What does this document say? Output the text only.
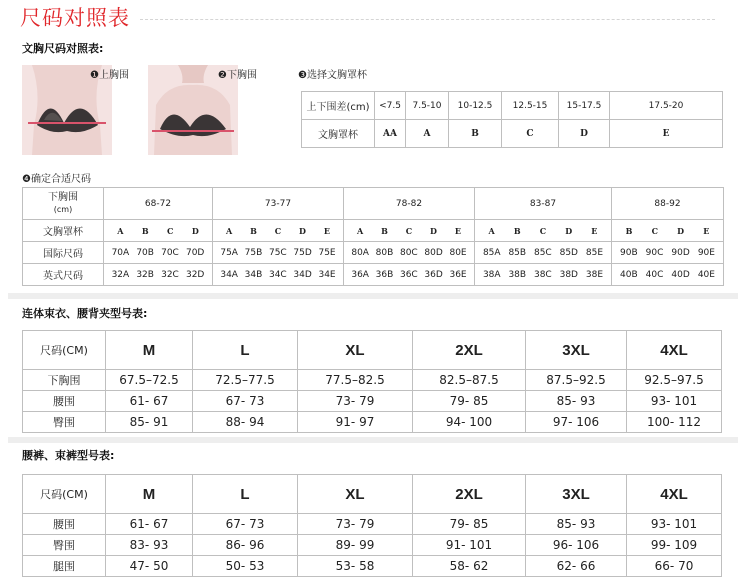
尺码对照表
文胸尺码对照表:
❶上胸围	❷下胸围	❸选择文胸罩杯
上下围差(cm)	<7.5	7.5-10	10-12.5	12.5-15	15-17.5	17.5-20
文胸罩杯	AA	A	B	C	D	E
❹确定合适尺码
下胸围
(cm)	68-72	73-77	78-82	83-87	88-92
文胸罩杯	A B C D	A B C D E	A B C D E	A B C D E	B C D E

国际尺码	70A 70B 70C 70D	75A 75B 75C 75D 75E	80A 80B 80C 80D 80E	85A 85B 85C 85D 85E	90B 90C 90D 90E

英式尺码	32A 32B 32C 32D	34A 34B 34C 34D 34E	36A 36B 36C 36D 36E	38A 38B 38C 38D 38E	40B 40C 40D 40E
连体束衣、腰背夹型号表:
尺码(CM)	M	L	XL	2XL	3XL	4XL
下胸围	67.5–72.5	72.5–77.5	77.5–82.5	82.5–87.5	87.5–92.5	92.5–97.5
腰围	61- 67	67- 73	73- 79	79- 85	85- 93	93- 101
臀围	85- 91	88- 94	91- 97	94- 100	97- 106	100- 112
腰裤、束裤型号表:
尺码(CM)	M	L	XL	2XL	3XL	4XL
腰围	61- 67	67- 73	73- 79	79- 85	85- 93	93- 101
臀围	83- 93	86- 96	89- 99	91- 101	96- 106	99- 109
腿围	47- 50	50- 53	53- 58	58- 62	62- 66	66- 70
